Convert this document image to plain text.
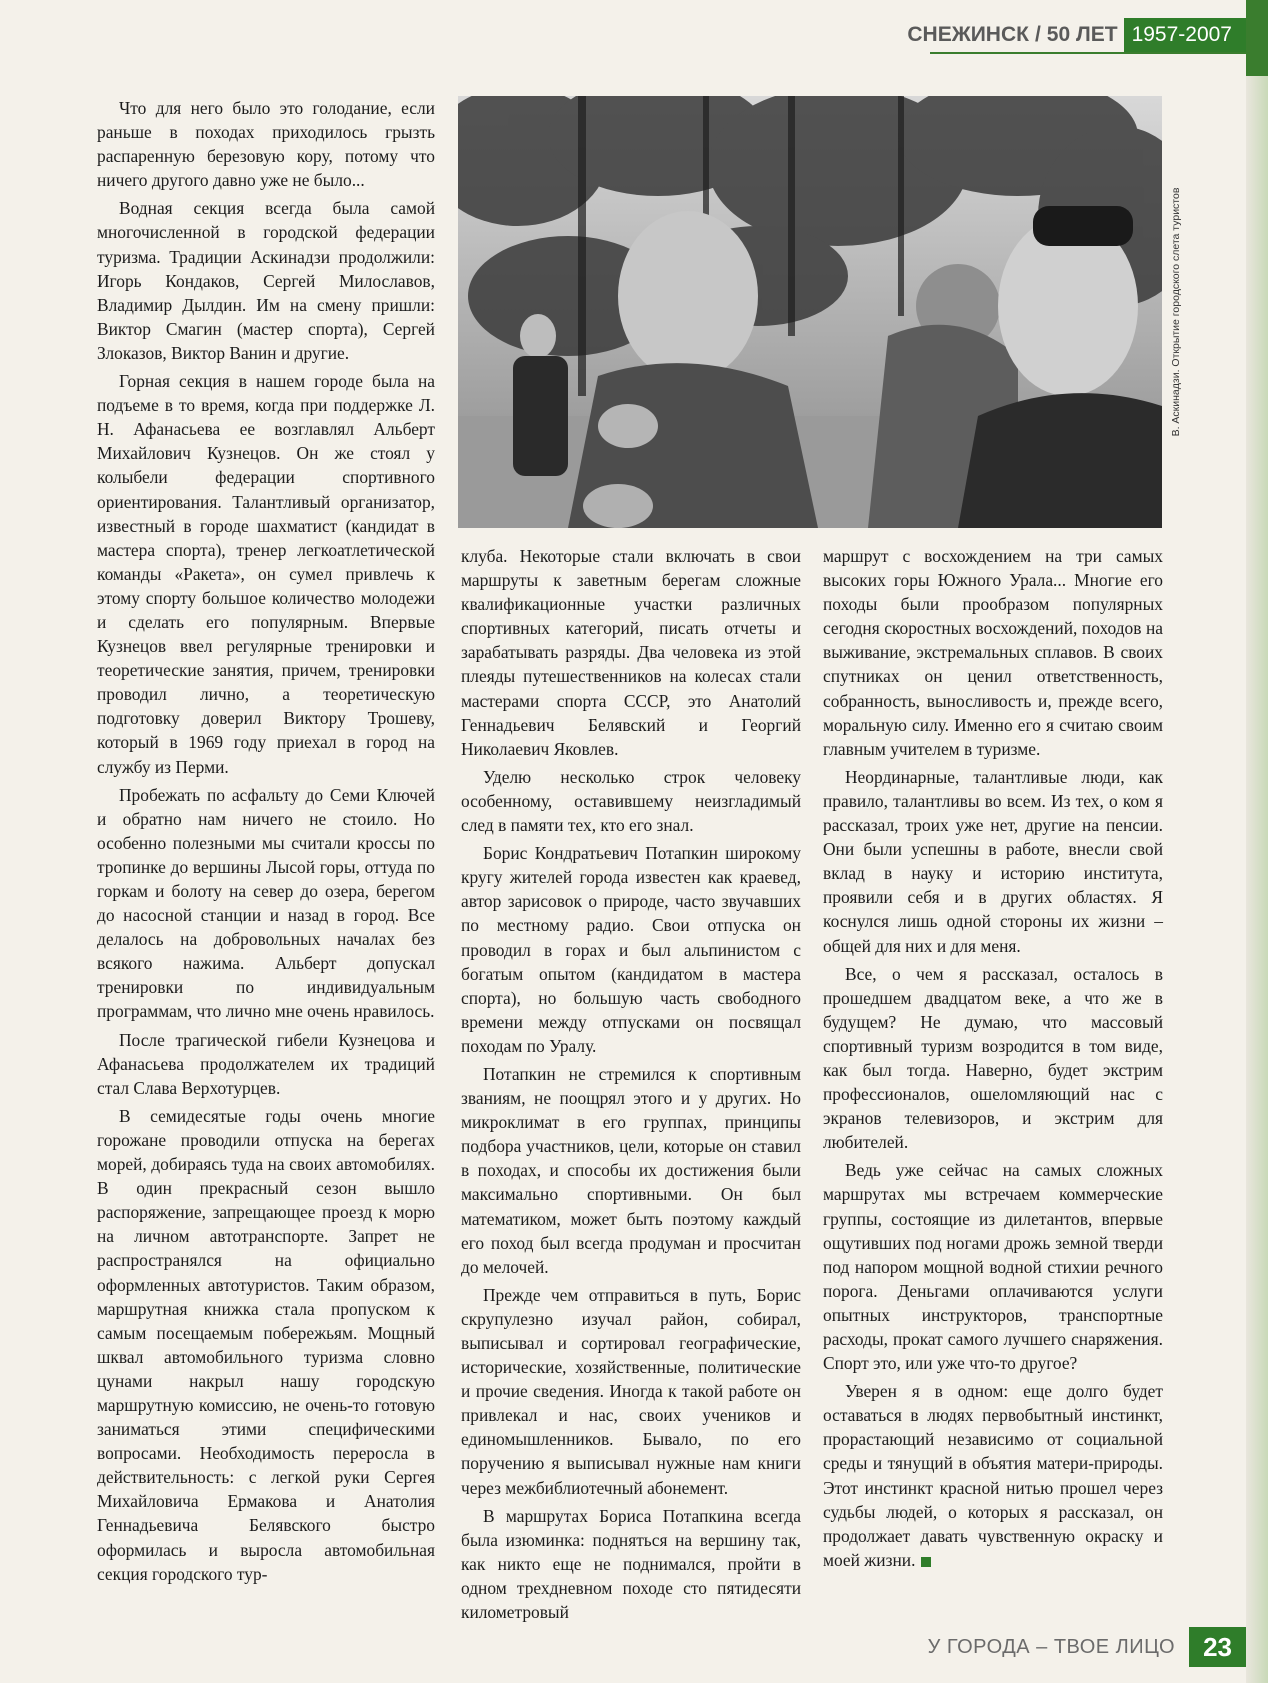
СНЕЖИНСК / 50 ЛЕТ 1957-2007
В. Аскинадзи. Открытие городского слета туристов

Что для него было это голодание, если раньше в походах приходилось грызть распаренную березовую кору, потому что ничего другого давно уже не было...

Водная секция всегда была самой многочисленной в городской федерации туризма. Традиции Аскинадзи продолжили: Игорь Кондаков, Сергей Милославов, Владимир Дылдин. Им на смену пришли: Виктор Смагин (мастер спорта), Сергей Злоказов, Виктор Ванин и другие.

Горная секция в нашем городе была на подъеме в то время, когда при поддержке Л. Н. Афанасьева ее возглавлял Альберт Михайлович Кузнецов. Он же стоял у колыбели федерации спортивного ориентирования. Талантливый организатор, известный в городе шахматист (кандидат в мастера спорта), тренер легкоатлетической команды «Ракета», он сумел привлечь к этому спорту большое количество молодежи и сделать его популярным. Впервые Кузнецов ввел регулярные тренировки и теоретические занятия, причем, тренировки проводил лично, а теоретическую подготовку доверил Виктору Трошеву, который в 1969 году приехал в город на службу из Перми.

Пробежать по асфальту до Семи Ключей и обратно нам ничего не стоило. Но особенно полезными мы считали кроссы по тропинке до вершины Лысой горы, оттуда по горкам и болоту на север до озера, берегом до насосной станции и назад в город. Все делалось на добровольных началах без всякого нажима. Альберт допускал тренировки по индивидуальным программам, что лично мне очень нравилось.

После трагической гибели Кузнецова и Афанасьева продолжателем их традиций стал Слава Верхотурцев.

В семидесятые годы очень многие горожане проводили отпуска на берегах морей, добираясь туда на своих автомобилях. В один прекрасный сезон вышло распоряжение, запрещающее проезд к морю на личном автотранспорте. Запрет не распространялся на официально оформленных автотуристов. Таким образом, маршрутная книжка стала пропуском к самым посещаемым побережьям. Мощный шквал автомобильного туризма словно цунами накрыл нашу городскую маршрутную комиссию, не очень-то готовую заниматься этими специфическими вопросами. Необходимость переросла в действительность: с легкой руки Сергея Михайловича Ермакова и Анатолия Геннадьевича Белявского быстро оформилась и выросла автомобильная секция городского тур-

клуба. Некоторые стали включать в свои маршруты к заветным берегам сложные квалификационные участки различных спортивных категорий, писать отчеты и зарабатывать разряды. Два человека из этой плеяды путешественников на колесах стали мастерами спорта СССР, это Анатолий Геннадьевич Белявский и Георгий Николаевич Яковлев.

Уделю несколько строк человеку особенному, оставившему неизгладимый след в памяти тех, кто его знал.

Борис Кондратьевич Потапкин широкому кругу жителей города известен как краевед, автор зарисовок о природе, часто звучавших по местному радио. Свои отпуска он проводил в горах и был альпинистом с богатым опытом (кандидатом в мастера спорта), но большую часть свободного времени между отпусками он посвящал походам по Уралу.

Потапкин не стремился к спортивным званиям, не поощрял этого и у других. Но микроклимат в его группах, принципы подбора участников, цели, которые он ставил в походах, и способы их достижения были максимально спортивными. Он был математиком, может быть поэтому каждый его поход был всегда продуман и просчитан до мелочей.

Прежде чем отправиться в путь, Борис скрупулезно изучал район, собирал, выписывал и сортировал географические, исторические, хозяйственные, политические и прочие сведения. Иногда к такой работе он привлекал и нас, своих учеников и единомышленников. Бывало, по его поручению я выписывал нужные нам книги через межбиблиотечный абонемент.

В маршрутах Бориса Потапкина всегда была изюминка: подняться на вершину так, как никто еще не поднимался, пройти в одном трехдневном походе сто пятидесяти километровый

маршрут с восхождением на три самых высоких горы Южного Урала... Многие его походы были прообразом популярных сегодня скоростных восхождений, походов на выживание, экстремальных сплавов. В своих спутниках он ценил ответственность, собранность, выносливость и, прежде всего, моральную силу. Именно его я считаю своим главным учителем в туризме.

Неординарные, талантливые люди, как правило, талантливы во всем. Из тех, о ком я рассказал, троих уже нет, другие на пенсии. Они были успешны в работе, внесли свой вклад в науку и историю института, проявили себя и в других областях. Я коснулся лишь одной стороны их жизни – общей для них и для меня.

Все, о чем я рассказал, осталось в прошедшем двадцатом веке, а что же в будущем? Не думаю, что массовый спортивный туризм возродится в том виде, как был тогда. Наверно, будет экстрим профессионалов, ошеломляющий нас с экранов телевизоров, и экстрим для любителей.

Ведь уже сейчас на самых сложных маршрутах мы встречаем коммерческие группы, состоящие из дилетантов, впервые ощутивших под ногами дрожь земной тверди под напором мощной водной стихии речного порога. Деньгами оплачиваются услуги опытных инструкторов, транспортные расходы, прокат самого лучшего снаряжения. Спорт это, или уже что-то другое?

Уверен я в одном: еще долго будет оставаться в людях первобытный инстинкт, прорастающий независимо от социальной среды и тянущий в объятия матери-природы. Этот инстинкт красной нитью прошел через судьбы людей, о которых я рассказал, он продолжает давать чувственную окраску и моей жизни.

У ГОРОДА – ТВОЕ ЛИЦО	23
